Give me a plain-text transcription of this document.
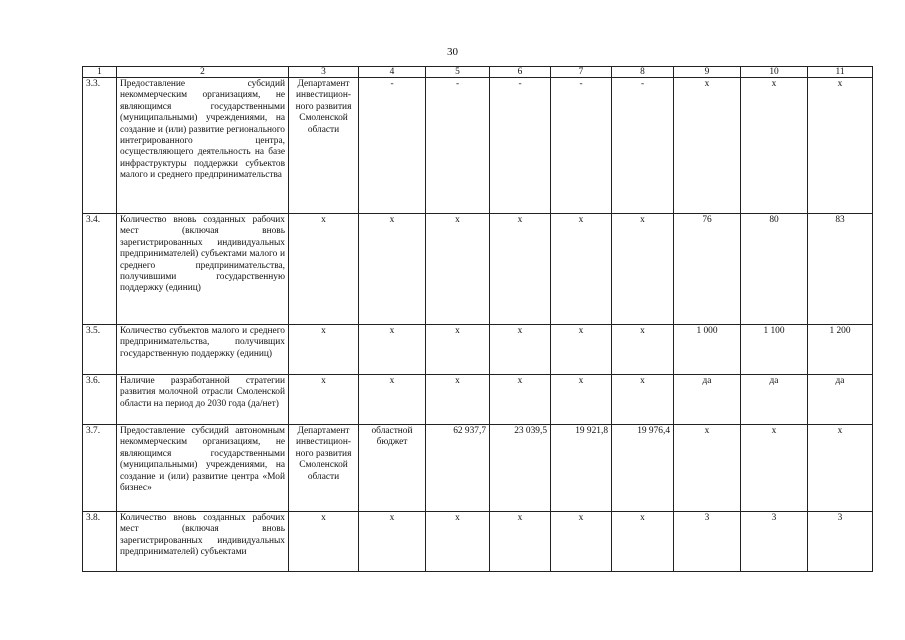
30
1	2	3	4	5	6	7	8	9	10	11
3.3.	Предоставление субсидий некоммерческим организациям, не являющимся государственными (муниципальными) учреждениями, на создание и (или) развитие регионального интегрированного центра, осуществляющего деятельность на базе инфраструктуры поддержки субъектов малого и среднего предпринимательства	Департамент инвестицион-ного развития Смоленской области	-	-	-	-	-	х	х	х
3.4.	Количество вновь созданных рабочих мест (включая вновь зарегистрированных индивидуальных предпринимателей) субъектами малого и среднего предпринимательства, получившими государственную поддержку (единиц)	х	х	х	х	х	х	76	80	83
3.5.	Количество субъектов малого и среднего предпринимательства, получивщих государственную поддержку (единиц)	х	х	х	х	х	х	1 000	1 100	1 200
3.6.	Наличие разработанной стратегии развития молочной отрасли Смоленской области на период до 2030 года (да/нет)	х	х	х	х	х	х	да	да	да
3.7.	Предоставление субсидий автономным некоммерческим организациям, не являющимся государственными (муниципальными) учреждениями, на создание и (или) развитие центра «Мой бизнес»	Департамент инвестицион-ного развития Смоленской области	областной бюджет	62 937,7	23 039,5	19 921,8	19 976,4	х	х	х
3.8.	Количество вновь созданных рабочих мест (включая вновь зарегистрированных индивидуальных предпринимателей) субъектами	х	х	х	х	х	х	3	3	3
